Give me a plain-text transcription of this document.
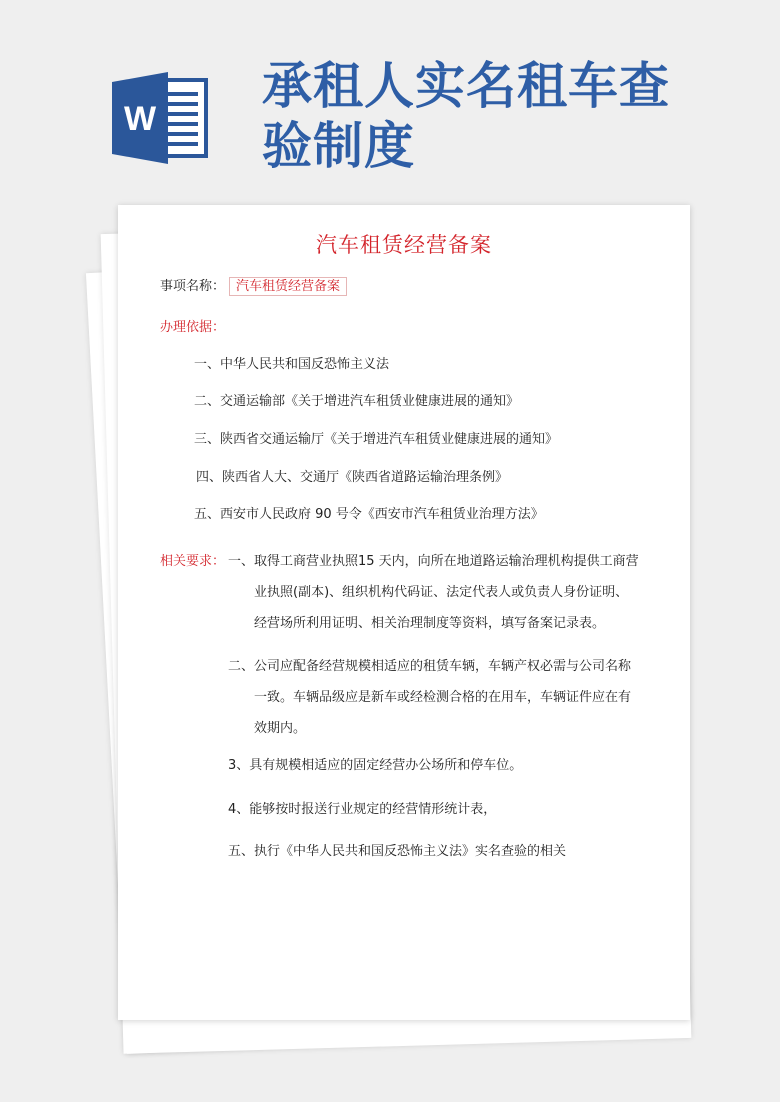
W
承租人实名租车查
验制度
汽车租赁经营备案
事项名称： 汽车租赁经营备案
办理依据：
一、中华人民共和国反恐怖主义法
二、交通运输部《关于增进汽车租赁业健康进展的通知》
三、陕西省交通运输厅《关于增进汽车租赁业健康进展的通知》
四、陕西省人大、交通厅《陕西省道路运输治理条例》
五、西安市人民政府 90 号令《西安市汽车租赁业治理方法》
相关要求： 一、取得工商营业执照15 天内，向所在地道路运输治理机构提供工商营
业执照(副本)、组织机构代码证、法定代表人或负责人身份证明、
经营场所利用证明、相关治理制度等资料，填写备案记录表。
二、公司应配备经营规模相适应的租赁车辆，车辆产权必需与公司名称
一致。车辆品级应是新车或经检测合格的在用车，车辆证件应在有
效期内。
3、具有规模相适应的固定经营办公场所和停车位。
4、能够按时报送行业规定的经营情形统计表，
五、执行《中华人民共和国反恐怖主义法》实名查验的相关
